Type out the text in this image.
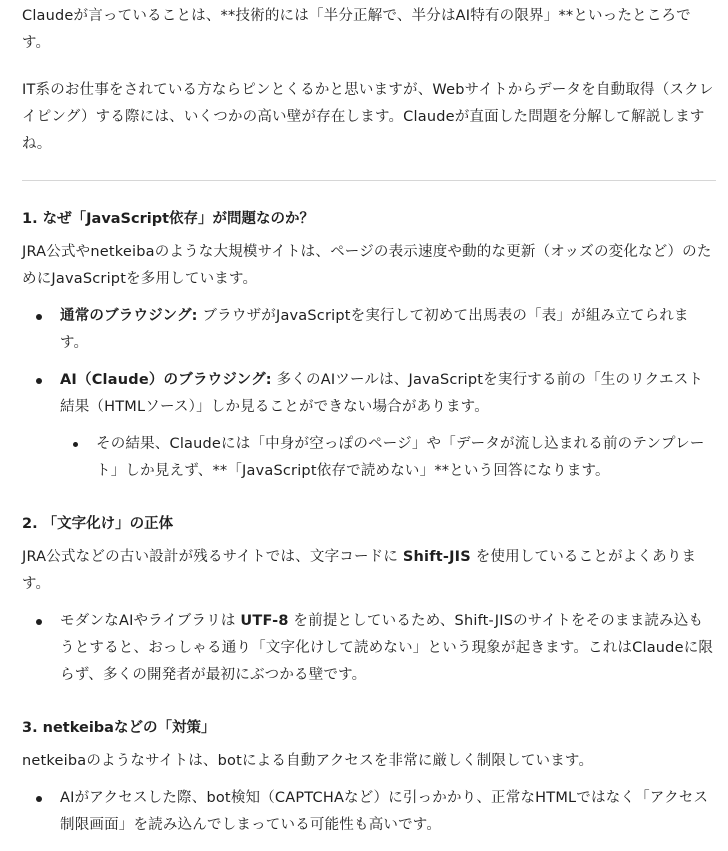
Claudeが言っていることは、**技術的には「半分正解で、半分はAI特有の限界」**といったところです。

IT系のお仕事をされている方ならピンとくるかと思いますが、Webサイトからデータを自動取得（スクレイピング）する際には、いくつかの高い壁が存在します。Claudeが直面した問題を分解して解説しますね。

1. なぜ「JavaScript依存」が問題なのか？

JRA公式やnetkeibaのような大規模サイトは、ページの表示速度や動的な更新（オッズの変化など）のためにJavaScriptを多用しています。

通常のブラウジング: ブラウザがJavaScriptを実行して初めて出馬表の「表」が組み立てられます。
AI（Claude）のブラウジング: 多くのAIツールは、JavaScriptを実行する前の「生のリクエスト結果（HTMLソース）」しか見ることができない場合があります。
その結果、Claudeには「中身が空っぽのページ」や「データが流し込まれる前のテンプレート」しか見えず、**「JavaScript依存で読めない」**という回答になります。
2. 「文字化け」の正体

JRA公式などの古い設計が残るサイトでは、文字コードに Shift-JIS を使用していることがよくあります。

モダンなAIやライブラリは UTF-8 を前提としているため、Shift-JISのサイトをそのまま読み込もうとすると、おっしゃる通り「文字化けして読めない」という現象が起きます。これはClaudeに限らず、多くの開発者が最初にぶつかる壁です。
3. netkeibaなどの「対策」

netkeibaのようなサイトは、botによる自動アクセスを非常に厳しく制限しています。

AIがアクセスした際、bot検知（CAPTCHAなど）に引っかかり、正常なHTMLではなく「アクセス制限画面」を読み込んでしまっている可能性も高いです。
